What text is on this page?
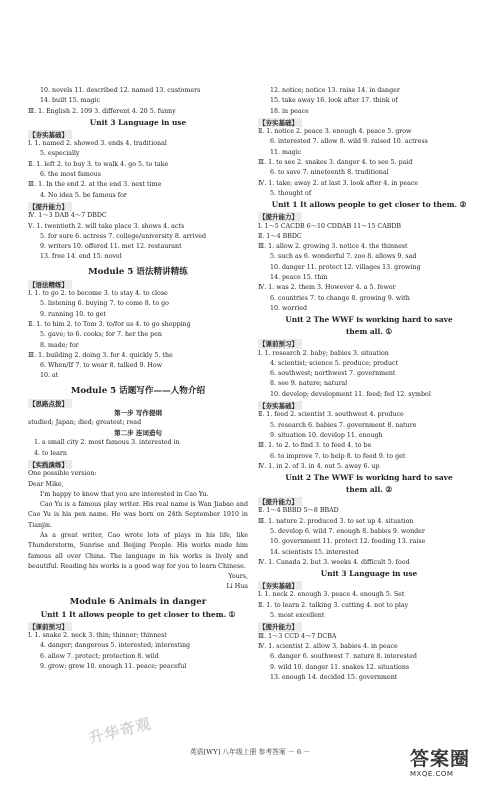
10. novels 11. described 12. named 13. customers
14. built 15. magic
Ⅲ. 1. English 2. 109 3. different 4. 20 5. funny
Unit 3 Language in use
【夯实基础】
Ⅰ. 1. named 2. showed 3. ends 4. traditional
5. especially
Ⅱ. 1. left 2. to buy 3. to walk 4. go 5. to take
6. the most famous
Ⅲ. 1. In the end 2. at the end 3. next time
4. No idea 5. be famous for
【提升能力】
Ⅳ. 1～3 DAB 4～7 DBDC
Ⅴ. 1. twentieth 2. will take place 3. shows 4. acts
5. for sure 6. actress 7. college/university 8. arrived
9. writers 10. offered 11. met 12. restaurant
13. free 14. end 15. novel
Module 5 语法精讲精练
【语法精练】
Ⅰ. 1. to go 2. to become 3. to stay 4. to close
5. listening 6. buying 7. to come 8. to go
9. running 10. to get
Ⅱ. 1. to him 2. to Tom 3. to/for us 4. to go shopping
5. gave; to 6. cooks; for 7. her the pen
8. made; for
Ⅲ. 1. building 2. doing 3. for 4. quickly 5. the
6. When/If 7. to wear 8. talked 9. How
10. at
Module 5 话题写作——人物介绍
【思路点拨】
第一步 写作提纲
studied; Japan; died; greatest; read
第二步 连词造句
1. a small city 2. most famous 3. interested in
4. to learn
【实践演练】
One possible version:
Dear Mike,
I'm happy to know that you are interested in Cao Yu.
Cao Yu is a famous play writer. His real name is Wan Jiabao and Cao Yu is his pen name. He was born on 24th September 1910 in Tianjin.
As a great writer, Cao wrote lots of plays in his life, like Thunderstorm, Sunrise and Beijing People. His works made him famous all over China. The language in his works is lively and beautiful. Reading his works is a good way for you to learn Chinese.
Yours,
Li Hua
Module 6 Animals in danger
Unit 1 It allows people to get closer to them. ①
【课前预习】
Ⅰ. 1. snake 2. neck 3. thin; thinner; thinnest
4. danger; dangerous 5. interested; interesting
6. allow 7. protect; protection 8. wild
9. grow; grew 10. enough 11. peace; peaceful
12. notice; notice 13. raise 14. in danger
15. take away 16. look after 17. think of
18. in peace
【夯实基础】
Ⅱ. 1. notice 2. peace 3. enough 4. peace 5. grow
6. interested 7. allow 8. wild 9. raised 10. actress
11. magic
Ⅲ. 1. to see 2. snakes 3. danger 4. to see 5. paid
6. to save 7. nineteenth 8. traditional
Ⅳ. 1. take; away 2. at last 3. look after 4. in peace
5. thought of
Unit 1 It allows people to get closer to them. ②
【提升能力】
Ⅰ. 1～5 CACDB 6～10 CDDAB 11～15 CABDB
Ⅱ. 1～4 BBDC
Ⅲ. 1. allow 2. growing 3. notice 4. the thinnest
5. such as 6. wonderful 7. zoo 8. allows 9. sad
10. danger 11. protect 12. villages 13. growing
14. peace 15. thin
Ⅳ. 1. was 2. them 3. However 4. a 5. fewer
6. countries 7. to change 8. growing 9. with
10. worried
Unit 2 The WWF is working hard to save
them all. ①
【课前预习】
Ⅰ. 1. research 2. baby; babies 3. situation
4. scientist; science 5. produce; product
6. southwest; northwest 7. government
8. see 9. nature; natural
10. develop; development 11. feed; fed 12. symbol
【夯实基础】
Ⅱ. 1. feed 2. scientist 3. southwest 4. produce
5. research 6. babies 7. government 8. nature
9. situation 10. develop 11. enough
Ⅲ. 1. to 2. to find 3. to feed 4. to be
6. to improve 7. to help 8. to feed 9. to get
Ⅳ. 1. in 2. of 3. in 4. out 5. away 6. up
Unit 2 The WWF is working hard to save
them all. ②
【提升能力】
Ⅱ. 1～4 BBBD 5～8 BBAD
Ⅲ. 1. nature 2. produced 3. to set up 4. situation
5. develop 6. wild 7. enough 8. babies 9. wonder
10. government 11. protect 12. feeding 13. raise
14. scientists 15. interested
Ⅳ. 1. Canada 2. but 3. weeks 4. difficult 5. food
Unit 3 Language in use
【夯实基础】
Ⅰ. 1. neck 2. enough 3. peace 4. enough 5. Set
Ⅱ. 1. to learn 2. talking 3. cutting 4. not to play
5. most excellent
【提升能力】
Ⅲ. 1～3 CCD 4～7 DCBA
Ⅳ. 1. scientist 2. allow 3. babies 4. in peace
6. danger 6. southwest 7. nature 8. interested
9. wild 10. danger 11. snakes 12. situations
13. enough 14. decided 15. government
英语[WY] 八年级上册 参考答案 － 6 －
升华奇观
答案圈
MXQE.COM
